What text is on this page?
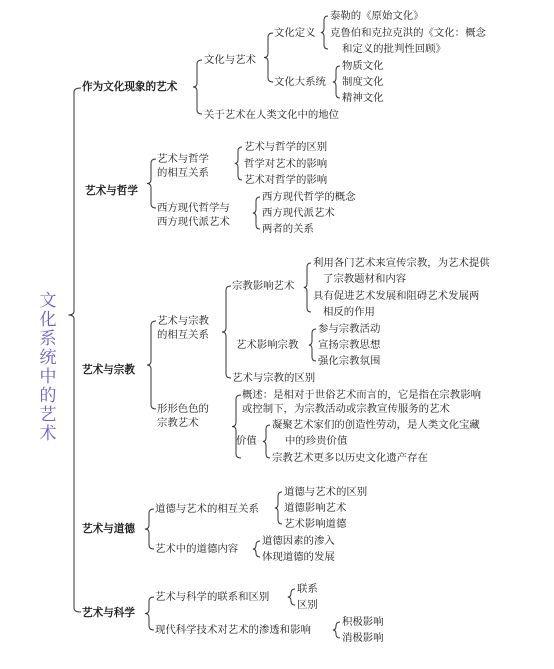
文化系统中的艺术
作为文化现象的艺术
文化与艺术
文化定义
泰勒的《原始文化》
克鲁伯和克拉克洪的《文化：概念
和定义的批判性回顾》
文化大系统
物质文化
制度文化
精神文化
关于艺术在人类文化中的地位
艺术与哲学
艺术与哲学
的相互关系
艺术与哲学的区别
哲学对艺术的影响
艺术对哲学的影响
西方现代哲学与
西方现代派艺术
西方现代哲学的概念
西方现代派艺术
两者的关系
艺术与宗教
艺术与宗教
的相互关系
宗教影响艺术
利用各门艺术来宣传宗教，为艺术提供
了宗教题材和内容
具有促进艺术发展和阻碍艺术发展两
相反的作用
艺术影响宗教
参与宗教活动
宣扬宗教思想
强化宗教氛围
艺术与宗教的区别
形形色色的
宗教艺术
概述：是相对于世俗艺术而言的，它是指在宗教影响
或控制下，为宗教活动或宗教宣传服务的艺术
价值
凝聚艺术家们的创造性劳动，是人类文化宝藏
中的珍贵价值
宗教艺术更多以历史文化遗产存在
艺术与道德
道德与艺术的相互关系
道德与艺术的区别
道德影响艺术
艺术影响道德
艺术中的道德内容
道德因素的渗入
体现道德的发展
艺术与科学
艺术与科学的联系和区别
联系
区别
现代科学技术对艺术的渗透和影响
积极影响
消极影响
